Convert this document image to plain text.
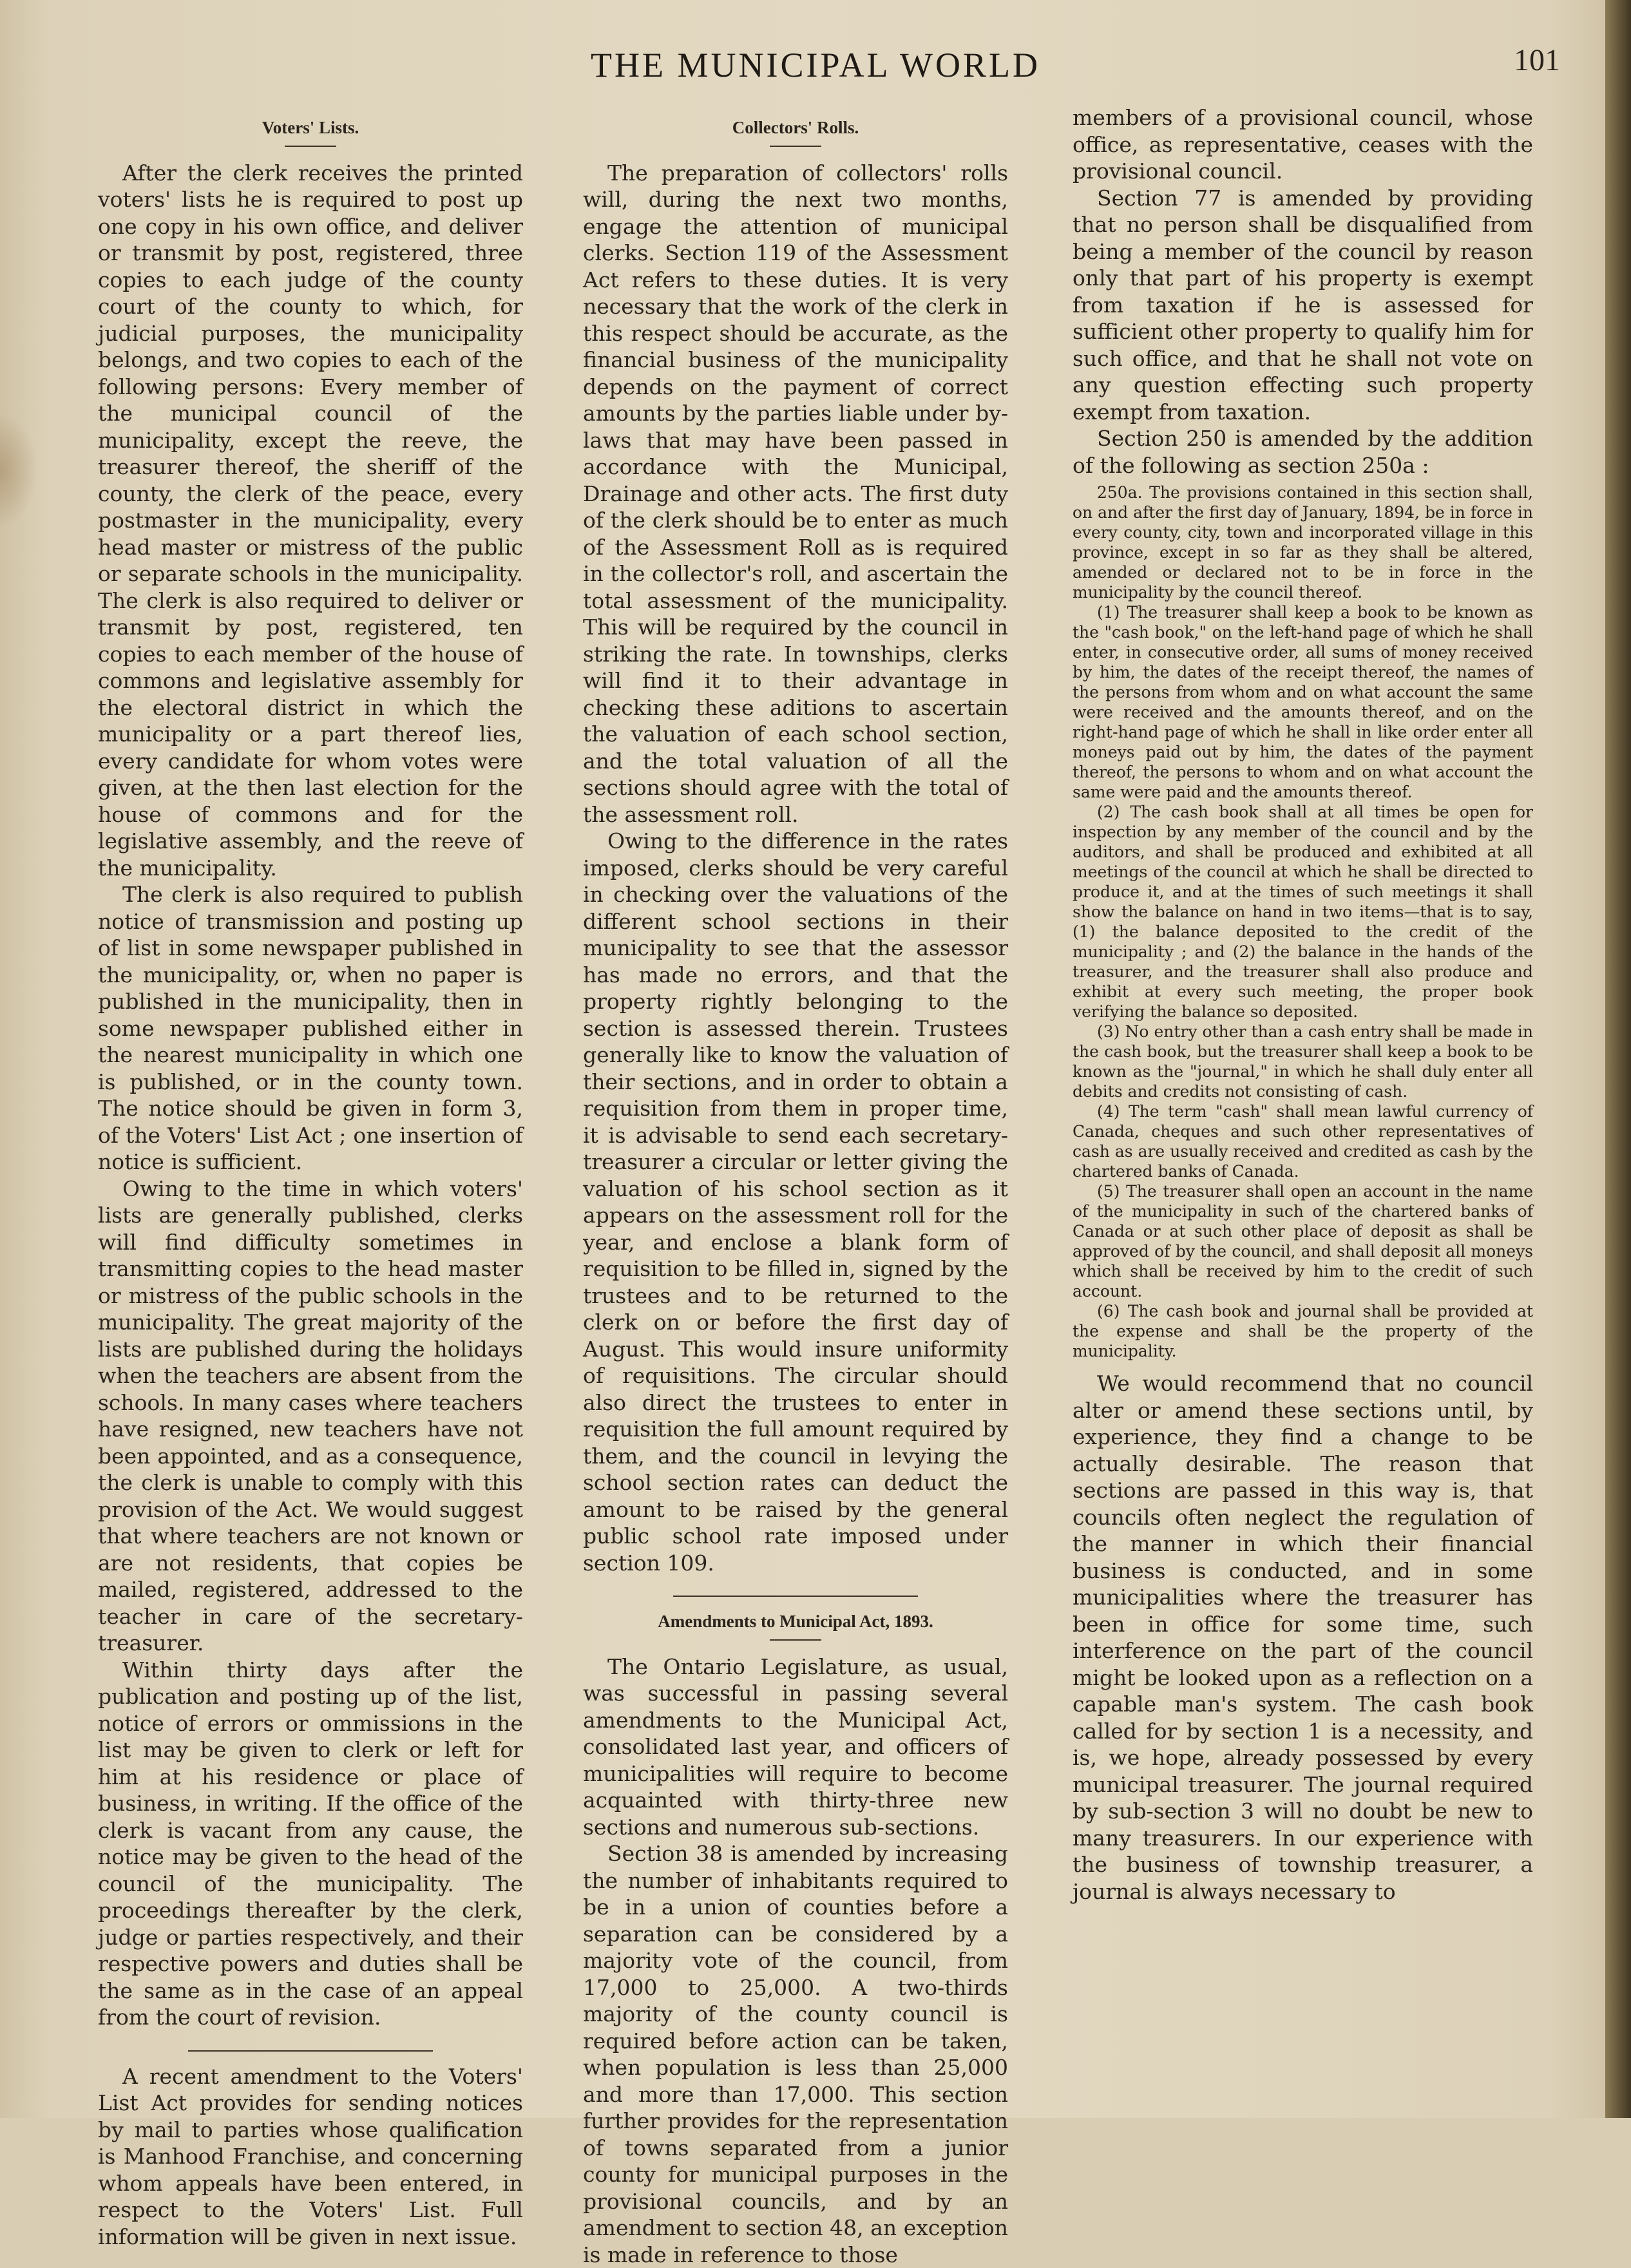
THE MUNICIPAL WORLD	101
Voters' Lists.

After the clerk receives the printed voters' lists he is required to post up one copy in his own office, and deliver or transmit by post, registered, three copies to each judge of the county court of the county to which, for judicial purposes, the municipality belongs, and two copies to each of the following persons: Every member of the municipal council of the municipality, except the reeve, the treasurer thereof, the sheriff of the county, the clerk of the peace, every postmaster in the municipality, every head master or mistress of the public or separate schools in the municipality. The clerk is also required to deliver or transmit by post, registered, ten copies to each member of the house of commons and legislative assembly for the electoral district in which the municipality or a part thereof lies, every candidate for whom votes were given, at the then last election for the house of commons and for the legislative assembly, and the reeve of the municipality.

The clerk is also required to publish notice of transmission and posting up of list in some newspaper published in the municipality, or, when no paper is published in the municipality, then in some newspaper published either in the nearest municipality in which one is published, or in the county town. The notice should be given in form 3, of the Voters' List Act ; one insertion of notice is sufficient.

Owing to the time in which voters' lists are generally published, clerks will find difficulty sometimes in transmitting copies to the head master or mistress of the public schools in the municipality. The great majority of the lists are published during the holidays when the teachers are absent from the schools. In many cases where teachers have resigned, new teachers have not been appointed, and as a consequence, the clerk is unable to comply with this provision of the Act. We would suggest that where teachers are not known or are not residents, that copies be mailed, registered, addressed to the teacher in care of the secretary-treasurer.

Within thirty days after the publication and posting up of the list, notice of errors or ommissions in the list may be given to clerk or left for him at his residence or place of business, in writing. If the office of the clerk is vacant from any cause, the notice may be given to the head of the council of the municipality. The proceedings thereafter by the clerk, judge or parties respectively, and their respective powers and duties shall be the same as in the case of an appeal from the court of revision.

A recent amendment to the Voters' List Act provides for sending notices by mail to parties whose qualification is Manhood Franchise, and concerning whom appeals have been entered, in respect to the Voters' List. Full information will be given in next issue.

Collectors' Rolls.

The preparation of collectors' rolls will, during the next two months, engage the attention of municipal clerks. Section 119 of the Assessment Act refers to these duties. It is very necessary that the work of the clerk in this respect should be accurate, as the financial business of the municipality depends on the payment of correct amounts by the parties liable under by-laws that may have been passed in accordance with the Municipal, Drainage and other acts. The first duty of the clerk should be to enter as much of the Assessment Roll as is required in the collector's roll, and ascertain the total assessment of the municipality. This will be required by the council in striking the rate. In townships, clerks will find it to their advantage in checking these aditions to ascertain the valuation of each school section, and the total valuation of all the sections should agree with the total of the assessment roll.

Owing to the difference in the rates imposed, clerks should be very careful in checking over the valuations of the different school sections in their municipality to see that the assessor has made no errors, and that the property rightly belonging to the section is assessed therein. Trustees generally like to know the valuation of their sections, and in order to obtain a requisition from them in proper time, it is advisable to send each secretary-treasurer a circular or letter giving the valuation of his school section as it appears on the assessment roll for the year, and enclose a blank form of requisition to be filled in, signed by the trustees and to be returned to the clerk on or before the first day of August. This would insure uniformity of requisitions. The circular should also direct the trustees to enter in requisition the full amount required by them, and the council in levying the school section rates can deduct the amount to be raised by the general public school rate imposed under section 109.

Amendments to Municipal Act, 1893.

The Ontario Legislature, as usual, was successful in passing several amendments to the Municipal Act, consolidated last year, and officers of municipalities will require to become acquainted with thirty-three new sections and numerous sub-sections.

Section 38 is amended by increasing the number of inhabitants required to be in a union of counties before a separation can be considered by a majority vote of the council, from 17,000 to 25,000. A two-thirds majority of the county council is required before action can be taken, when population is less than 25,000 and more than 17,000. This section further provides for the representation of towns separated from a junior county for municipal purposes in the provisional councils, and by an amendment to section 48, an exception is made in reference to those

members of a provisional council, whose office, as representative, ceases with the provisional council.

Section 77 is amended by providing that no person shall be disqualified from being a member of the council by reason only that part of his property is exempt from taxation if he is assessed for sufficient other property to qualify him for such office, and that he shall not vote on any question effecting such property exempt from taxation.

Section 250 is amended by the addition of the following as section 250a :

250a. The provisions contained in this section shall, on and after the first day of January, 1894, be in force in every county, city, town and incorporated village in this province, except in so far as they shall be altered, amended or declared not to be in force in the municipality by the council thereof.

(1) The treasurer shall keep a book to be known as the "cash book," on the left-hand page of which he shall enter, in consecutive order, all sums of money received by him, the dates of the receipt thereof, the names of the persons from whom and on what account the same were received and the amounts thereof, and on the right-hand page of which he shall in like order enter all moneys paid out by him, the dates of the payment thereof, the persons to whom and on what account the same were paid and the amounts thereof.

(2) The cash book shall at all times be open for inspection by any member of the council and by the auditors, and shall be produced and exhibited at all meetings of the council at which he shall be directed to produce it, and at the times of such meetings it shall show the balance on hand in two items—that is to say, (1) the balance deposited to the credit of the municipality ; and (2) the balance in the hands of the treasurer, and the treasurer shall also produce and exhibit at every such meeting, the proper book verifying the balance so deposited.

(3) No entry other than a cash entry shall be made in the cash book, but the treasurer shall keep a book to be known as the "journal," in which he shall duly enter all debits and credits not consisting of cash.

(4) The term "cash" shall mean lawful currency of Canada, cheques and such other representatives of cash as are usually received and credited as cash by the chartered banks of Canada.

(5) The treasurer shall open an account in the name of the municipality in such of the chartered banks of Canada or at such other place of deposit as shall be approved of by the council, and shall deposit all moneys which shall be received by him to the credit of such account.

(6) The cash book and journal shall be provided at the expense and shall be the property of the municipality.

We would recommend that no council alter or amend these sections until, by experience, they find a change to be actually desirable. The reason that sections are passed in this way is, that councils often neglect the regulation of the manner in which their financial business is conducted, and in some municipalities where the treasurer has been in office for some time, such interference on the part of the council might be looked upon as a reflection on a capable man's system. The cash book called for by section 1 is a necessity, and is, we hope, already possessed by every municipal treasurer. The journal required by sub-section 3 will no doubt be new to many treasurers. In our experience with the business of township treasurer, a journal is always necessary to
